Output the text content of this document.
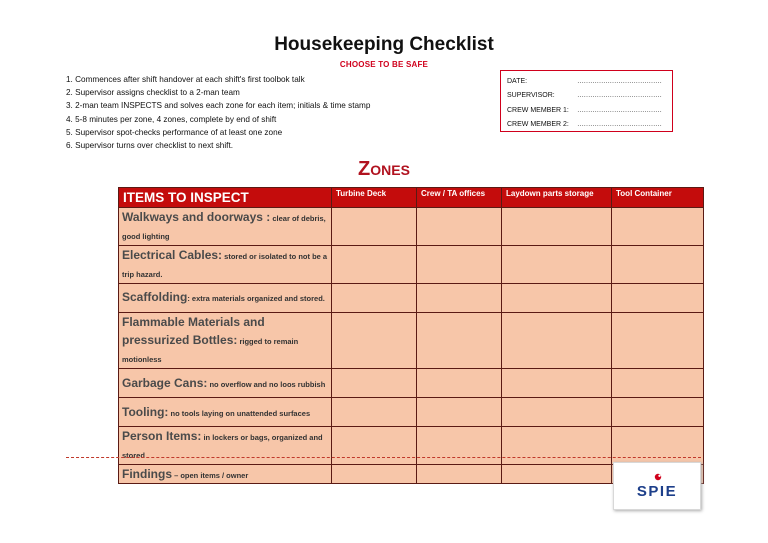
Housekeeping Checklist
CHOOSE TO BE SAFE
1. Commences after shift handover at each shift's first toolbok talk
2. Supervisor assigns checklist to a 2-man team
3. 2-man team INSPECTS and solves each zone for each item; initials & time stamp
4. 5-8 minutes per zone, 4 zones, complete by end of shift
5. Supervisor spot-checks performance of at least one zone
6. Supervisor turns over checklist to next shift.
DATE:	…………………………………
SUPERVISOR:	…………………………………
CREW MEMBER 1:	…………………………………
CREW MEMBER 2:	…………………………………
ZONES
ITEMS TO INSPECT	Turbine Deck	Crew / TA offices	Laydown parts storage	Tool Container
Walkways and doorways : clear of debris, good lighting				
Electrical Cables: stored or isolated to not be a trip hazard.				
Scaffolding: extra materials organized and stored.				
Flammable Materials and pressurized Bottles: rigged to remain motionless				
Garbage Cans: no overflow and no loos rubbish				
Tooling: no tools laying on unattended surfaces				
Person Items: in lockers or bags, organized and stored				
Findings – open items / owner				
SPIE
